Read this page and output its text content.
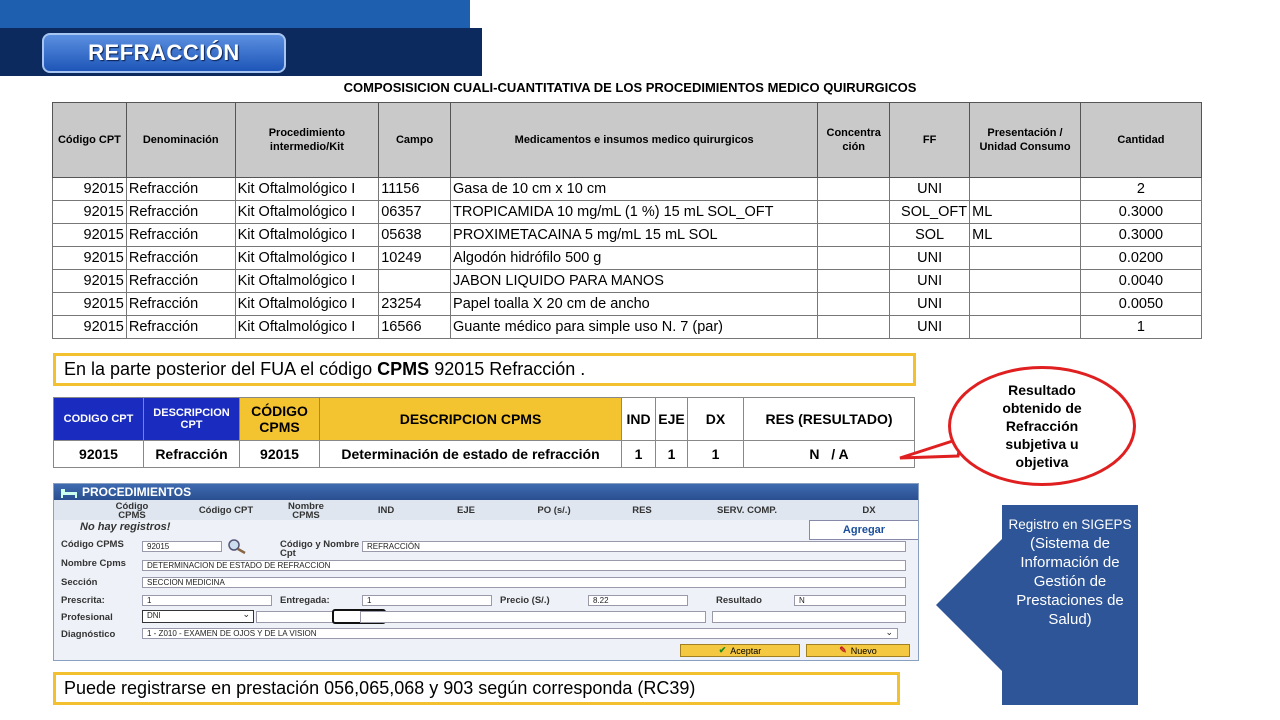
REFRACCIÓN
COMPOSISICION CUALI-CUANTITATIVA DE LOS PROCEDIMIENTOS MEDICO QUIRURGICOS
Código CPT	Denominación	Procedimiento intermedio/Kit	Campo	Medicamentos e insumos medico quirurgicos	Concentra ción	FF	Presentación / Unidad Consumo	Cantidad
92015	Refracción	Kit Oftalmológico I	11156	Gasa de 10 cm x 10 cm		UNI		2
92015	Refracción	Kit Oftalmológico I	06357	TROPICAMIDA 10 mg/mL (1 %) 15 mL SOL_OFT		SOL_OFT	ML	0.3000
92015	Refracción	Kit Oftalmológico I	05638	PROXIMETACAINA 5 mg/mL 15 mL SOL		SOL	ML	0.3000
92015	Refracción	Kit Oftalmológico I	10249	Algodón hidrófilo 500 g		UNI		0.0200
92015	Refracción	Kit Oftalmológico I		JABON LIQUIDO PARA MANOS		UNI		0.0040
92015	Refracción	Kit Oftalmológico I	23254	Papel toalla X 20 cm de ancho		UNI		0.0050
92015	Refracción	Kit Oftalmológico I	16566	Guante médico para simple uso N. 7 (par)		UNI		1
En la parte posterior del FUA el código CPMS 92015 Refracción .
CODIGO CPT	DESCRIPCION CPT	CÓDIGO CPMS	DESCRIPCION CPMS	IND	EJE	DX	RES (RESULTADO)
92015	Refracción	92015	Determinación de estado de refracción	1	1	1	N   / A
Resultado obtenido de Refracción subjetiva u objetiva
Registro en SIGEPS
(Sistema de Información de Gestión de Prestaciones de Salud)
PROCEDIMIENTOS
Código CPMS	Código CPT	Nombre CPMS	IND	EJE	PO (s/.)	RES	SERV. COMP.	DX
No hay registros!	Agregar
Código CPMS	92015	Código y Nombre Cpt
REFRACCIÓN
Nombre Cpms	DETERMINACION DE ESTADO DE REFRACCION
Sección	SECCION MEDICINA
Prescrita:	1	Entregada:	1	Precio (S/.)	8.22	Resultado	N
Profesional	DNI	⌄
Diagnóstico	1 - Z010 - EXAMEN DE OJOS Y DE LA VISION	⌄
✔ Aceptar	✎ Nuevo
Puede registrarse en prestación 056,065,068 y 903 según corresponda (RC39)
